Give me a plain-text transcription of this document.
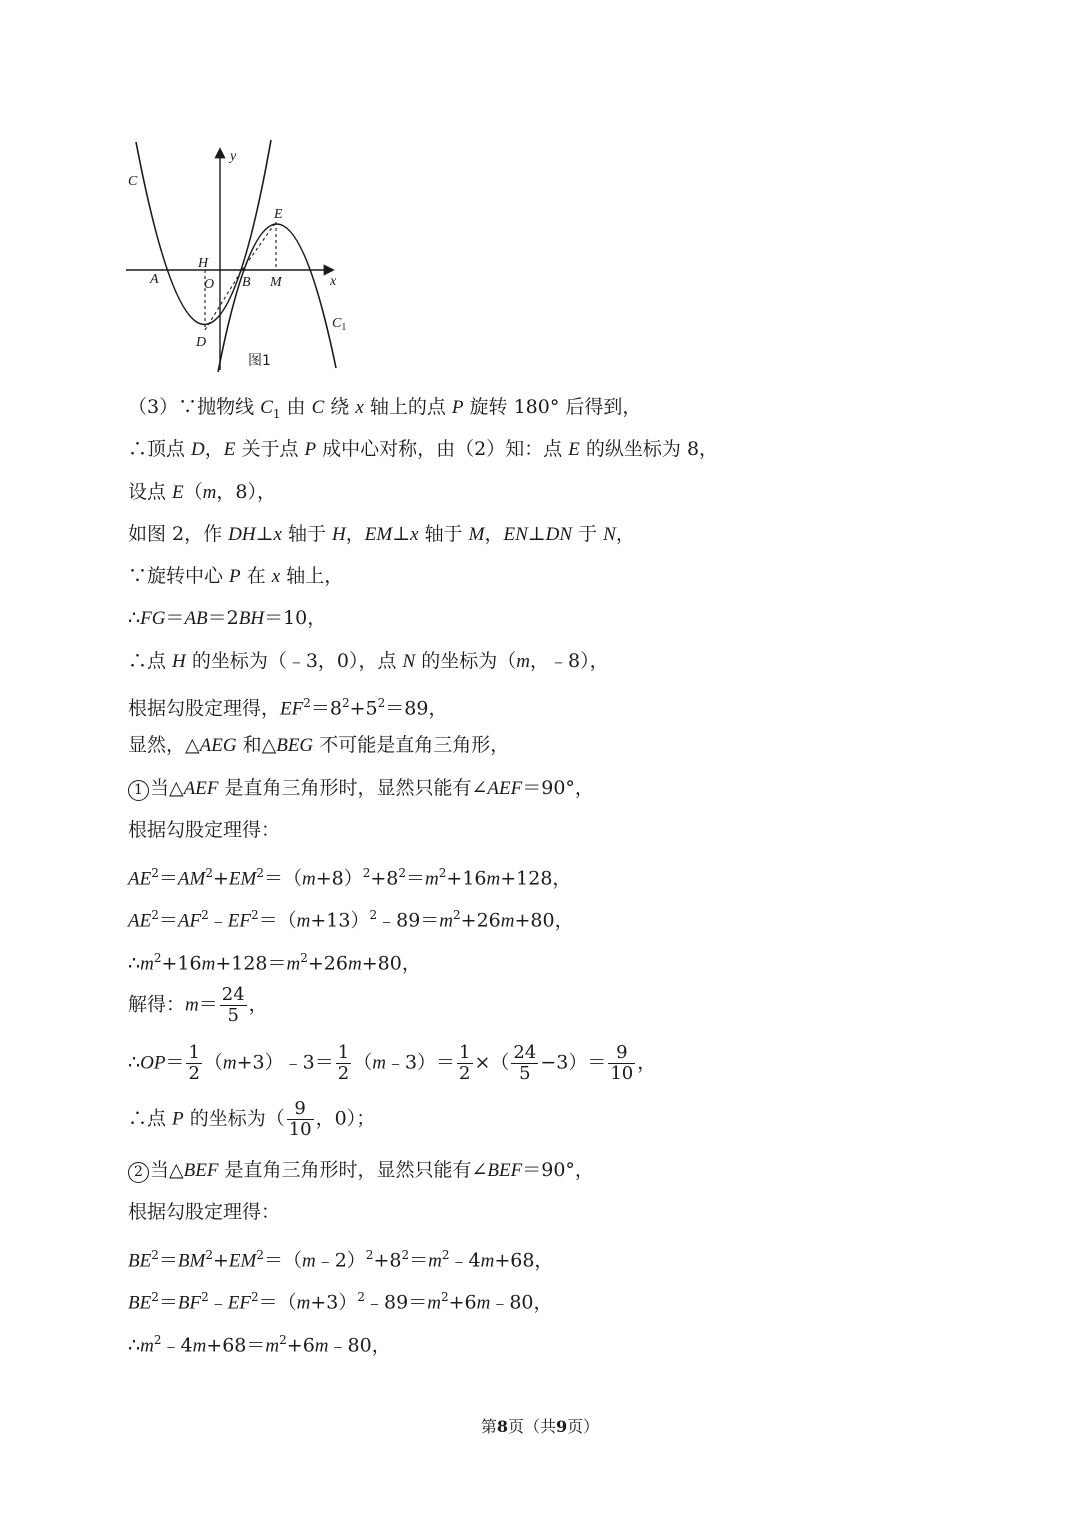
C
y
E
H
A	O B M	x
$C_1$
D
图1
（3）∵抛物线 $C_1$ 由 C 绕 x 轴上的点 P 旋转 180° 后得到，
∴顶点 D，E 关于点 P 成中心对称，由（2）知：点 E 的纵坐标为 8，
设点 E（m，8），
如图 2，作 DH⊥x 轴于 H，EM⊥x 轴于 M，EN⊥DN 于 N，
∵旋转中心 P 在 x 轴上，
∴FG＝AB＝2BH＝10，
∴点 H 的坐标为（﹣3，0），点 N 的坐标为（m，﹣8），
根据勾股定理得，$EF^2=8^2+5^2=89$，
显然，△AEG 和△BEG 不可能是直角三角形，
1 当△AEF 是直角三角形时，显然只能有∠AEF＝90°，
根据勾股定理得：
$AE^2=AM^2+EM^2=(m+8)^2+8^2=m^2+16m+128$，
$AE^2=AF^2﹣EF^2=(m+13)^2﹣89=m^2+26m+80$，
$\therefore m^2+16m+128=m^2+26m+80$，
解得：$m= \frac{24}{5}$ ，
∴OP＝ $\frac{1}{2}$ （m+3）﹣3＝ $\frac{1}{2}$ （m﹣3）＝ $\frac{1}{2}$ ×（ $\frac{24}{5} -3)= \frac{9}{10}$ ，
∴点 P 的坐标为（ $\frac{9}{10}$ ，0）；
2 当△BEF 是直角三角形时，显然只能有∠BEF＝90°，
根据勾股定理得：
$BE^2=BM^2+EM^2=(m﹣2)^2+8^2=m^2﹣4m+68$，
$BE^2=BF^2﹣EF^2=(m+3)^2﹣89=m^2+6m﹣80$，
$\therefore m^2﹣4m+68=m^2+6m﹣80$，
第8页（共9页）
